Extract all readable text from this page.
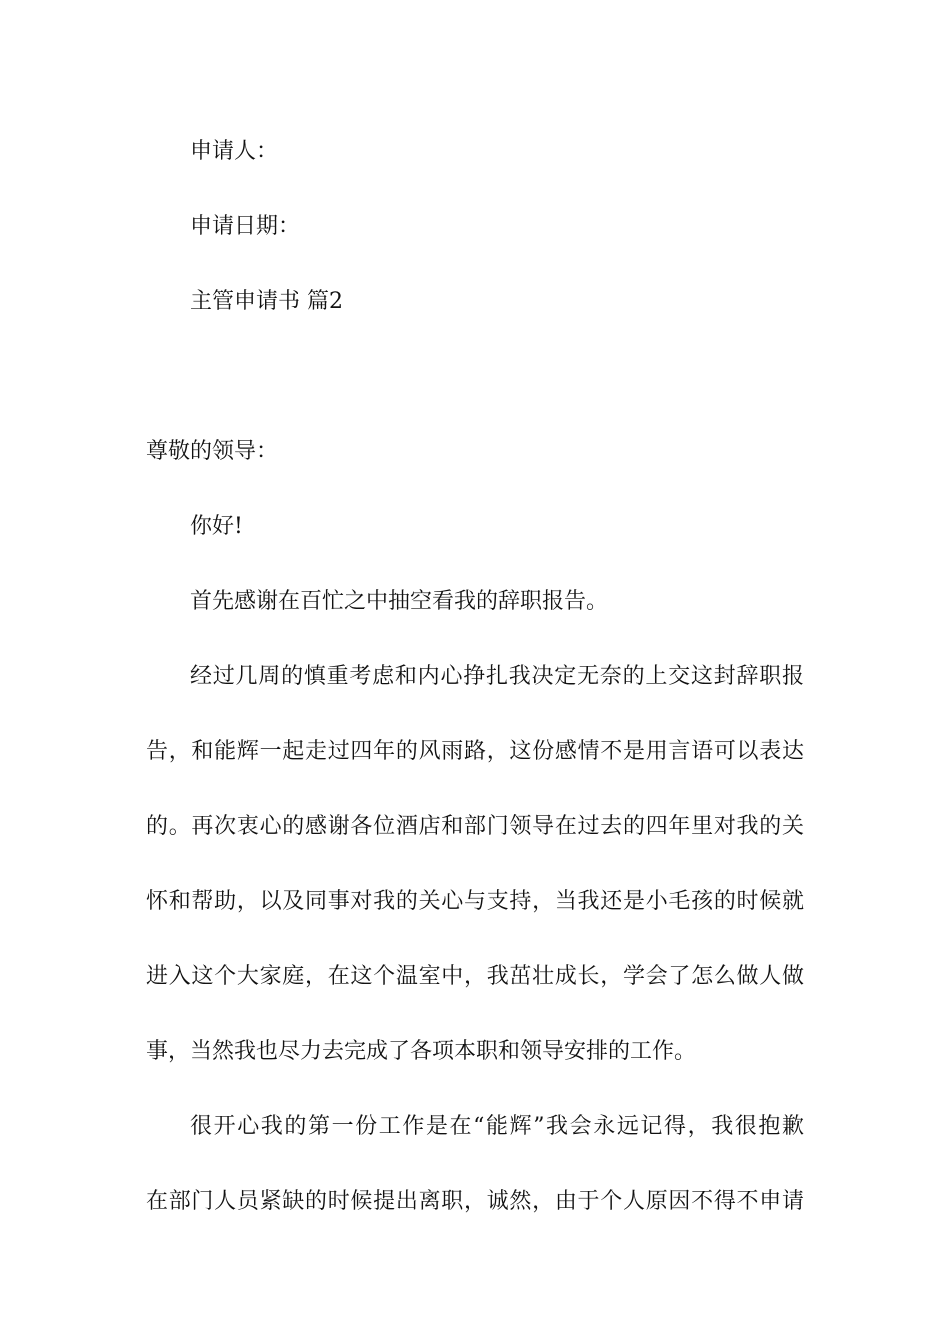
申请人：
申请日期：
主管申请书 篇2
尊敬的领导：
你好!
首先感谢在百忙之中抽空看我的辞职报告。
经过几周的慎重考虑和内心挣扎我决定无奈的上交这封辞职报
告，和能辉一起走过四年的风雨路，这份感情不是用言语可以表达
的。再次衷心的感谢各位酒店和部门领导在过去的四年里对我的关
怀和帮助，以及同事对我的关心与支持，当我还是小毛孩的时候就
进入这个大家庭，在这个温室中，我茁壮成长，学会了怎么做人做
事，当然我也尽力去完成了各项本职和领导安排的工作。
很开心我的第一份工作是在“能辉”我会永远记得，我很抱歉
在部门人员紧缺的时候提出离职，诚然，由于个人原因不得不申请
